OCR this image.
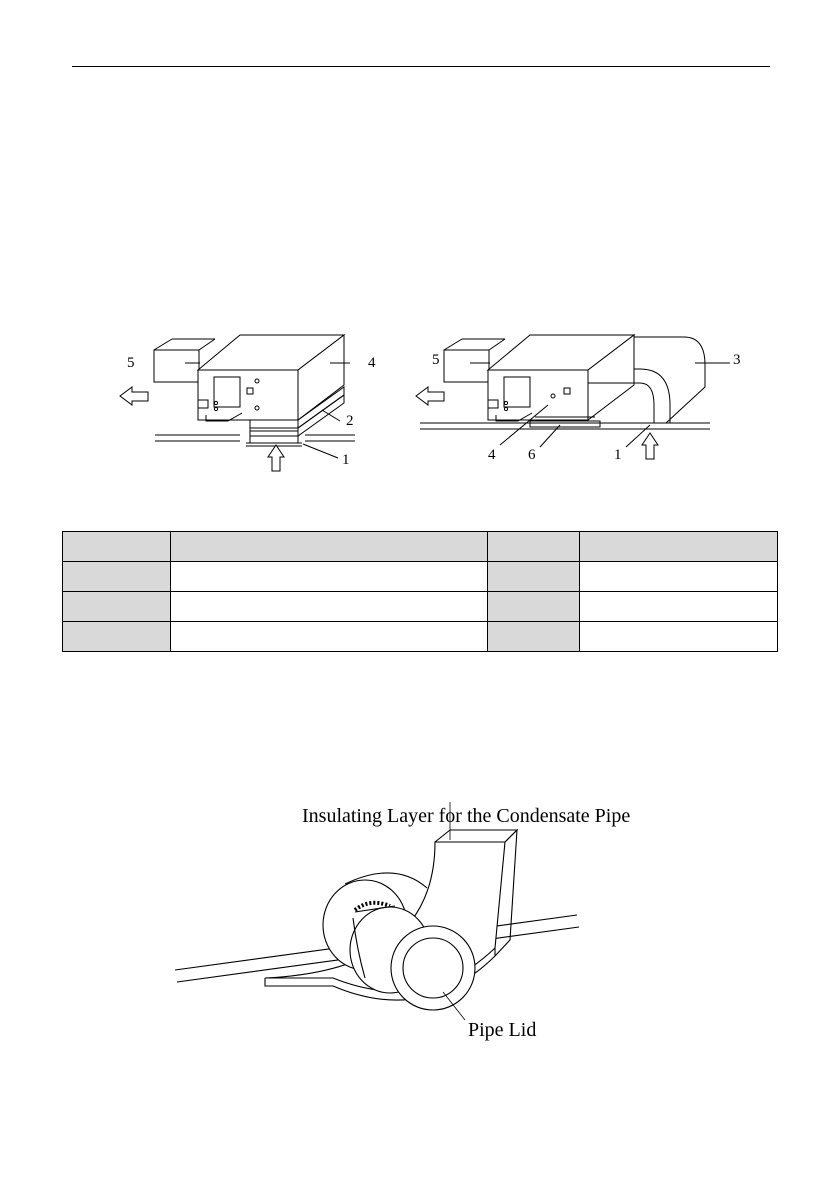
5	4
2
1
5	3
4 6	1

Insulating Layer for the Condensate Pipe
Pipe Lid
